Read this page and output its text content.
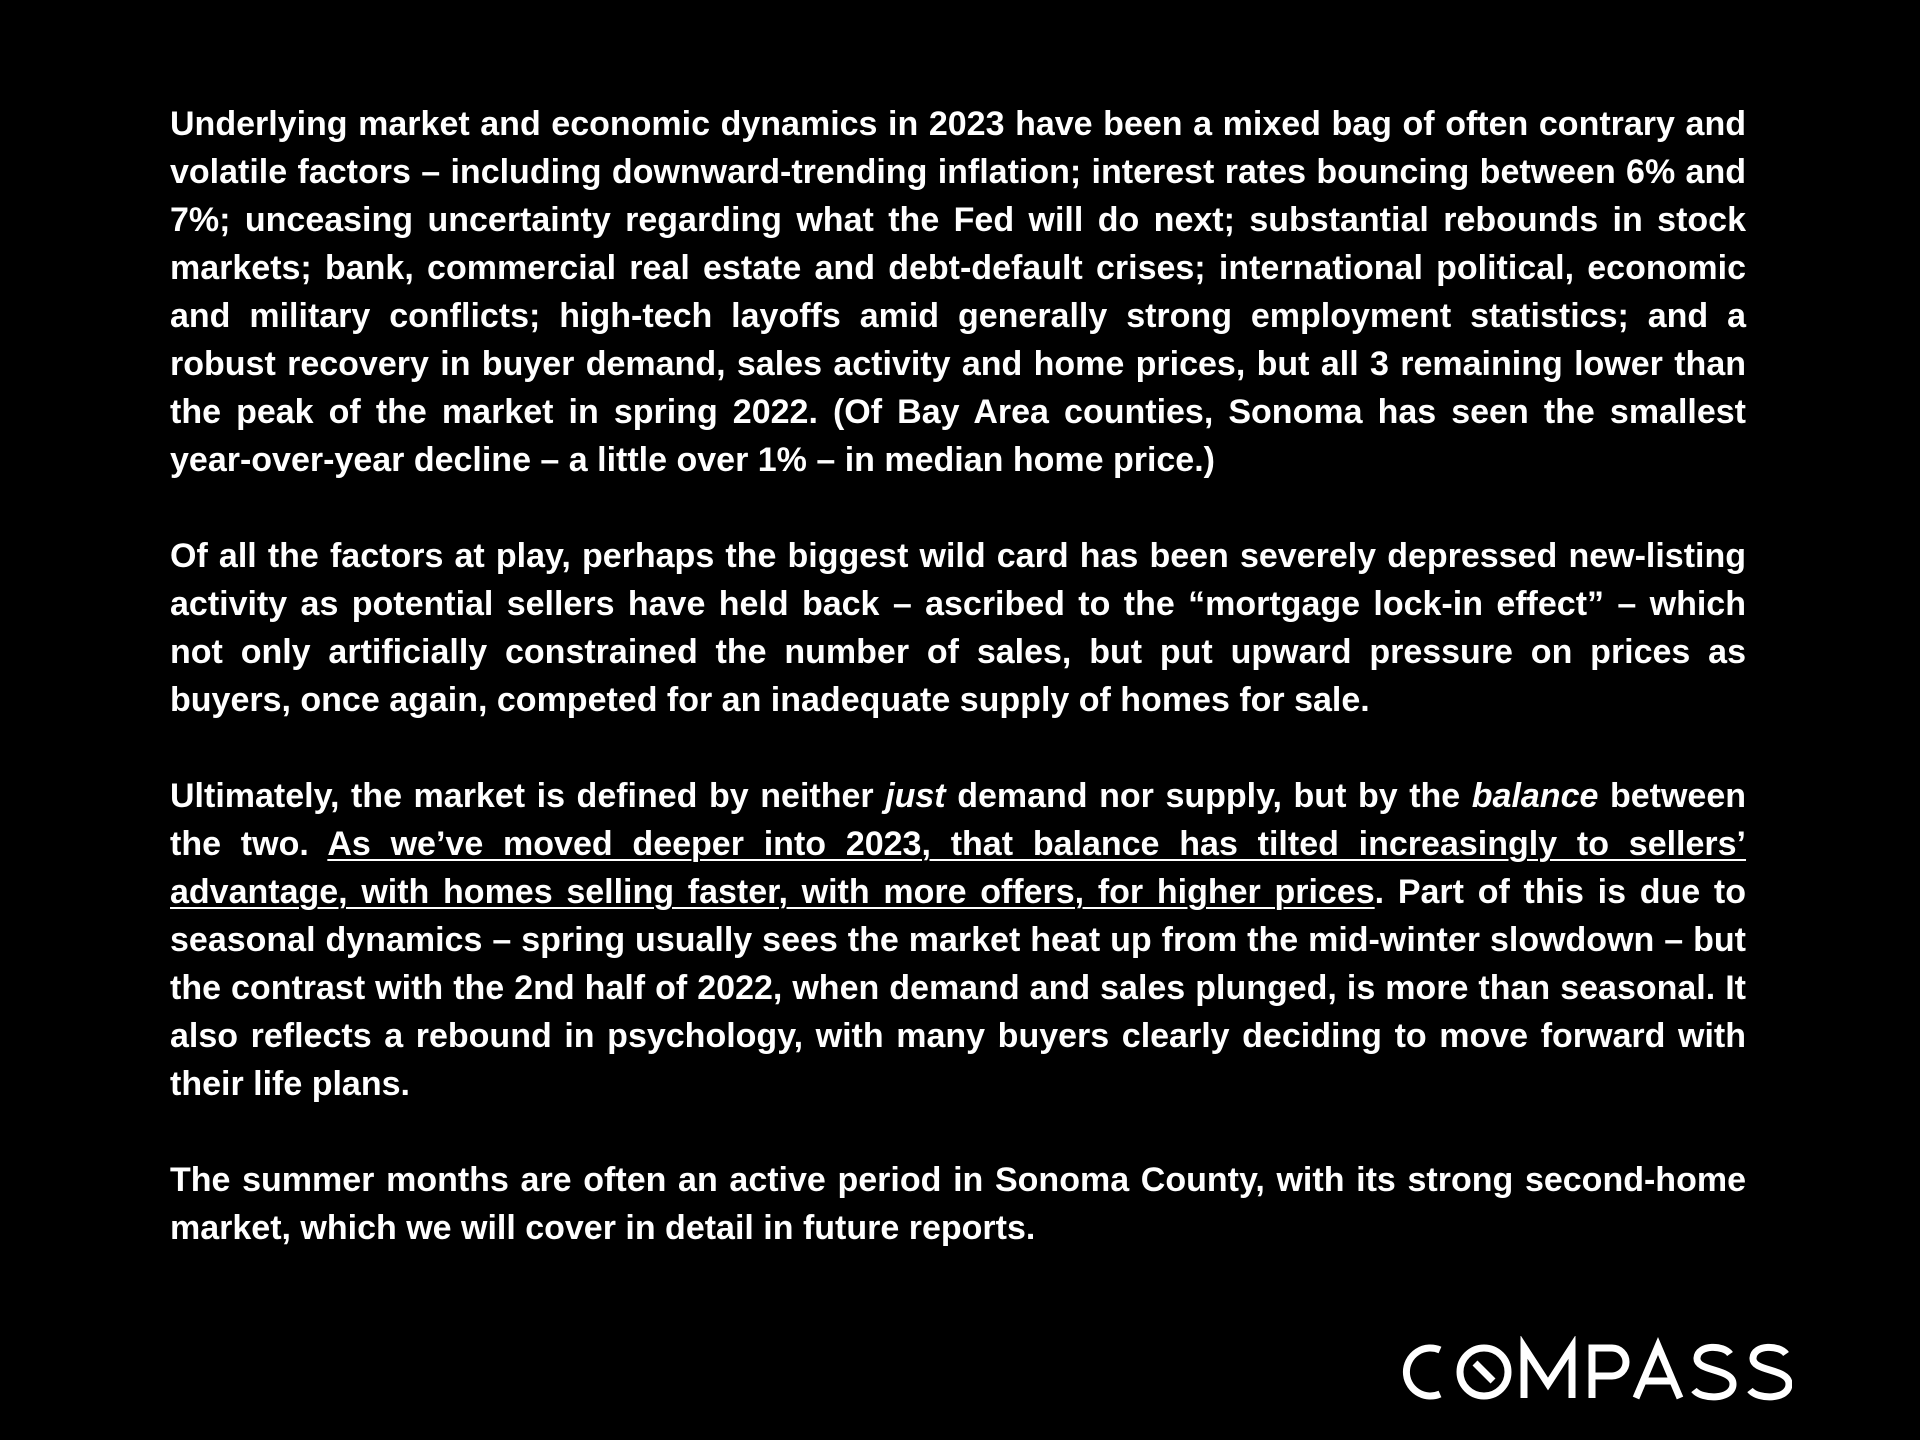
Underlying market and economic dynamics in 2023 have been a mixed bag of often contrary and volatile factors – including downward-trending inflation; interest rates bouncing between 6% and 7%; unceasing uncertainty regarding what the Fed will do next; substantial rebounds in stock markets; bank, commercial real estate and debt-default crises; international political, economic and military conflicts; high-tech layoffs amid generally strong employment statistics; and a robust recovery in buyer demand, sales activity and home prices, but all 3 remaining lower than the peak of the market in spring 2022. (Of Bay Area counties, Sonoma has seen the smallest year-over-year decline – a little over 1% – in median home price.)

Of all the factors at play, perhaps the biggest wild card has been severely depressed new-listing activity as potential sellers have held back – ascribed to the “mortgage lock-in effect” – which not only artificially constrained the number of sales, but put upward pressure on prices as buyers, once again, competed for an inadequate supply of homes for sale.

Ultimately, the market is defined by neither just demand nor supply, but by the balance between the two. As we’ve moved deeper into 2023, that balance has tilted increasingly to sellers’ advantage, with homes selling faster, with more offers, for higher prices. Part of this is due to seasonal dynamics – spring usually sees the market heat up from the mid-winter slowdown – but the contrast with the 2nd half of 2022, when demand and sales plunged, is more than seasonal. It also reflects a rebound in psychology, with many buyers clearly deciding to move forward with their life plans.

The summer months are often an active period in Sonoma County, with its strong second-home market, which we will cover in detail in future reports.
